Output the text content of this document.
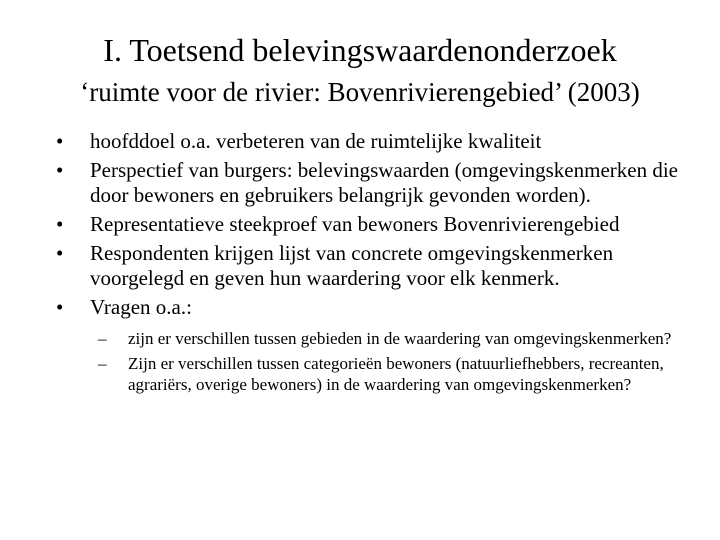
I. Toetsend belevingswaardenonderzoek
‘ruimte voor de rivier: Bovenrivierengebied’ (2003)
•	hoofddoel o.a. verbeteren van de ruimtelijke kwaliteit
•	Perspectief van burgers: belevingswaarden (omgevingskenmerken die door bewoners en gebruikers belangrijk gevonden worden).
•	Representatieve steekproef van bewoners Bovenrivierengebied
•	Respondenten krijgen lijst van concrete omgevingskenmerken voorgelegd en geven hun waardering voor elk kenmerk.
•	Vragen o.a.:
–	zijn er verschillen tussen gebieden in de waardering van omgevingskenmerken?
–	Zijn er verschillen tussen categorieën bewoners (natuurliefhebbers, recreanten, agrariërs, overige bewoners) in de waardering van omgevingskenmerken?
